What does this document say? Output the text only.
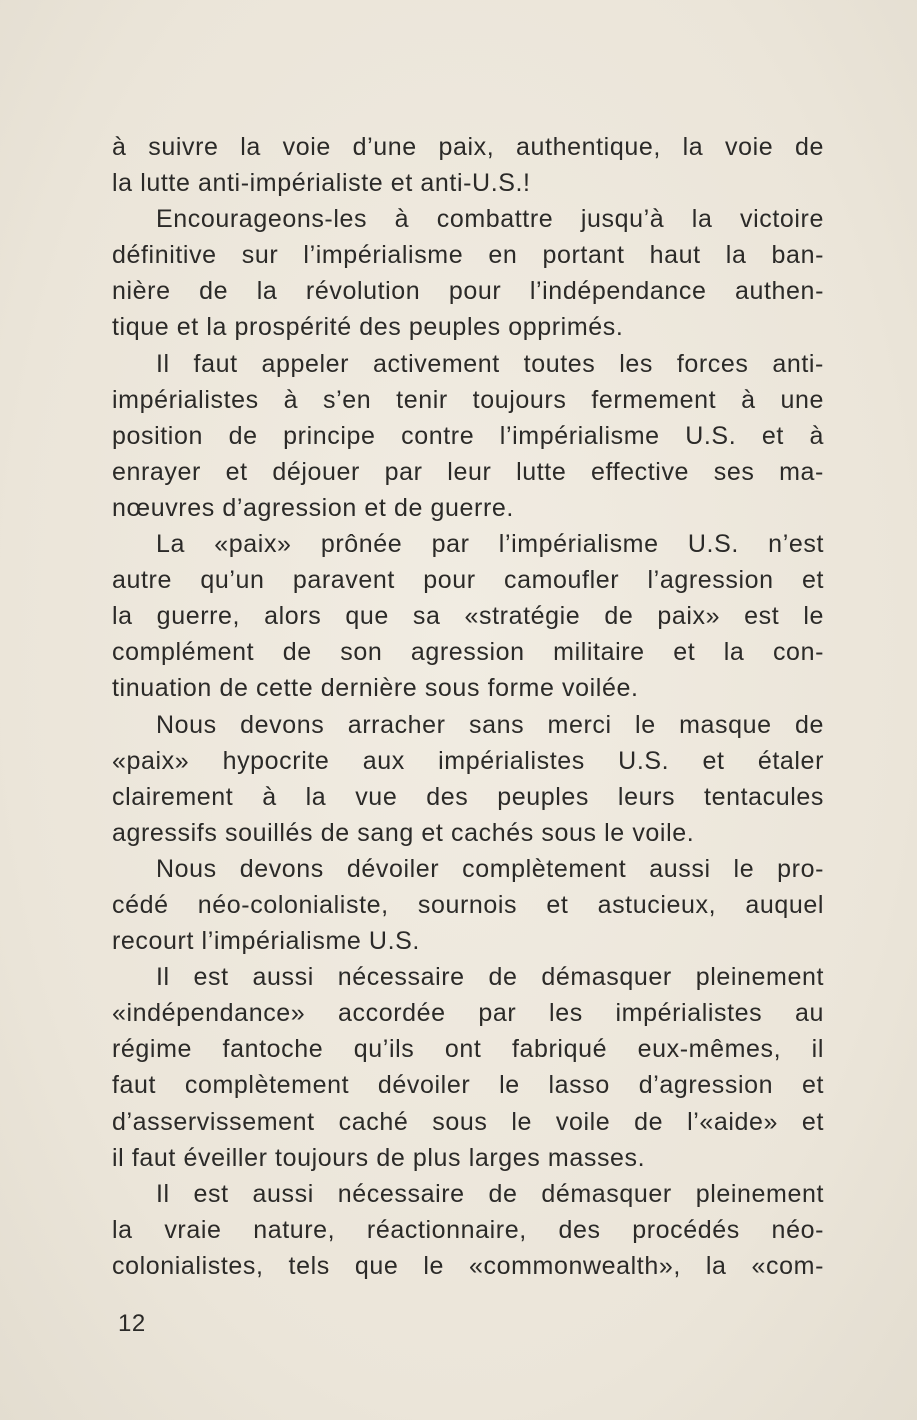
à suivre la voie d’une paix, authentique, la voie de
la lutte anti-impérialiste et anti-U.S.!
Encourageons-les à combattre jusqu’à la victoire
définitive sur l’impérialisme en portant haut la ban-
nière de la révolution pour l’indépendance authen-
tique et la prospérité des peuples opprimés.
Il faut appeler activement toutes les forces anti-
impérialistes à s’en tenir toujours fermement à une
position de principe contre l’impérialisme U.S. et à
enrayer et déjouer par leur lutte effective ses ma-
nœuvres d’agression et de guerre.
La «paix» prônée par l’impérialisme U.S. n’est
autre qu’un paravent pour camoufler l’agression et
la guerre, alors que sa «stratégie de paix» est le
complément de son agression militaire et la con-
tinuation de cette dernière sous forme voilée.
Nous devons arracher sans merci le masque de
«paix» hypocrite aux impérialistes U.S. et étaler
clairement à la vue des peuples leurs tentacules
agressifs souillés de sang et cachés sous le voile.
Nous devons dévoiler complètement aussi le pro-
cédé néo-colonialiste, sournois et astucieux, auquel
recourt l’impérialisme U.S.
Il est aussi nécessaire de démasquer pleinement
«indépendance» accordée par les impérialistes au
régime fantoche qu’ils ont fabriqué eux-mêmes, il
faut complètement dévoiler le lasso d’agression et
d’asservissement caché sous le voile de l’«aide» et
il faut éveiller toujours de plus larges masses.
Il est aussi nécessaire de démasquer pleinement
la vraie nature, réactionnaire, des procédés néo-
colonialistes, tels que le «commonwealth», la «com-
12
